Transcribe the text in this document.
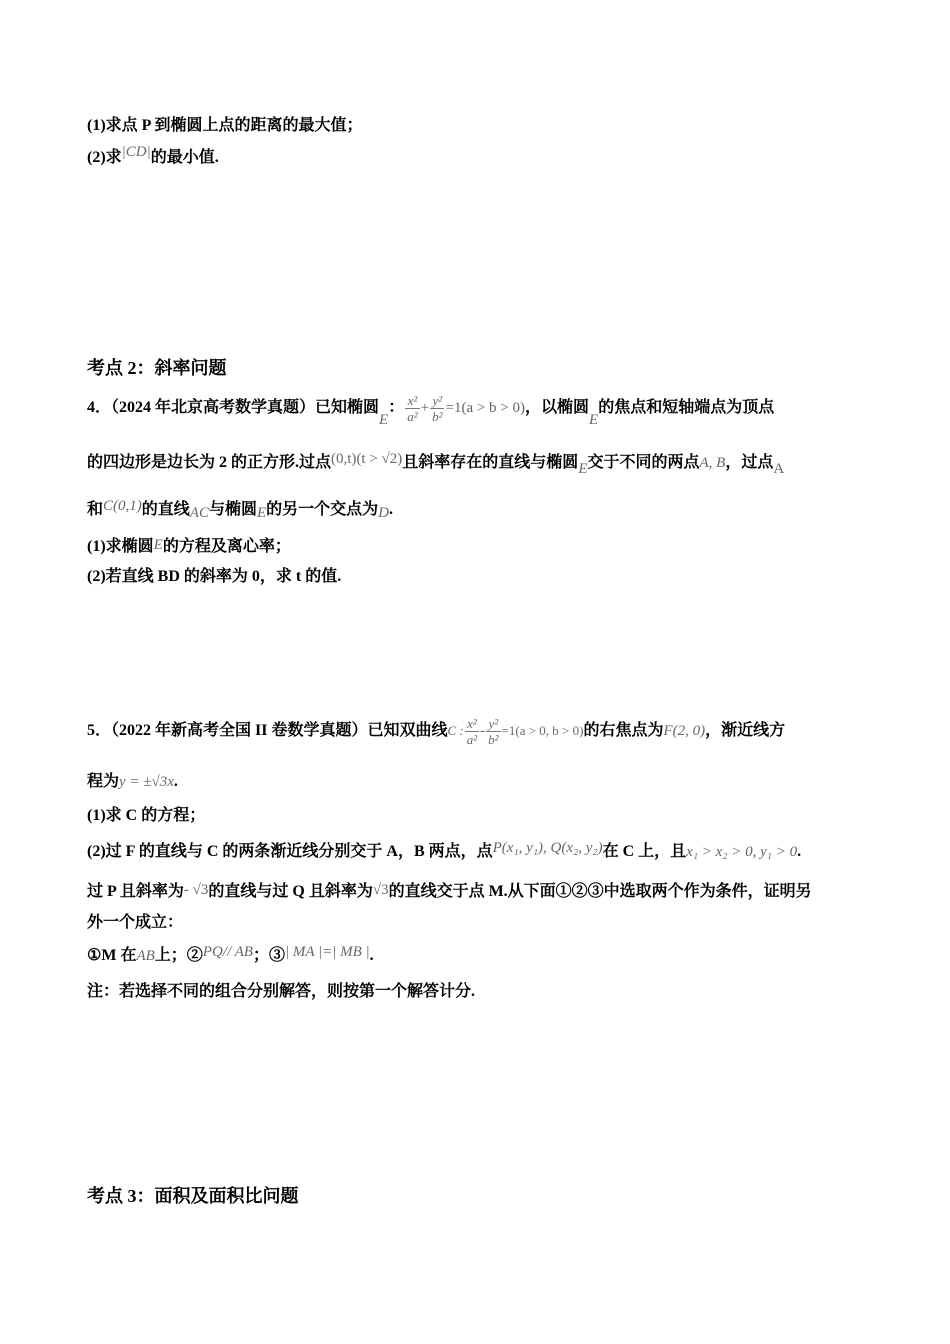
(1)求点 P 到椭圆上点的距离的最大值；
(2)求|CD|的最小值.
考点 2：斜率问题
4．（2024 年北京高考数学真题）已知椭圆E： $\frac{\text{x²}}{\text{a²}} + \frac{\text{y²}}{\text{b²}} =1(a > b > 0)$，以椭圆E的焦点和短轴端点为顶点
的四边形是边长为 2 的正方形.过点(0,t)(t > √2)且斜率存在的直线与椭圆E交于不同的两点A, B，过点A
和C(0,1)的直线AC与椭圆E的另一个交点为D.
(1)求椭圆E的方程及离心率；
(2)若直线 BD 的斜率为 0，求 t 的值.
5．（2022 年新高考全国 II 卷数学真题）已知双曲线C : $\frac{\text{x²}}{\text{a²}} - \frac{\text{y²}}{\text{b²}} =1(a > 0$, b > 0)的右焦点为F(2, 0)，渐近线方
程为y = ±√3x.
(1)求 C 的方程；
(2)过 F 的直线与 C 的两条渐近线分别交于 A，B 两点，点P(x₁, y₁), Q(x₂, y₂)在 C 上，且x₁ > x₂ > 0, y₁ > 0.
过 P 且斜率为- √3的直线与过 Q 且斜率为√3的直线交于点 M.从下面①②③中选取两个作为条件，证明另
外一个成立：
①M 在AB上；②PQ// AB；③| MA |=| MB |.
注：若选择不同的组合分别解答，则按第一个解答计分.
考点 3：面积及面积比问题
